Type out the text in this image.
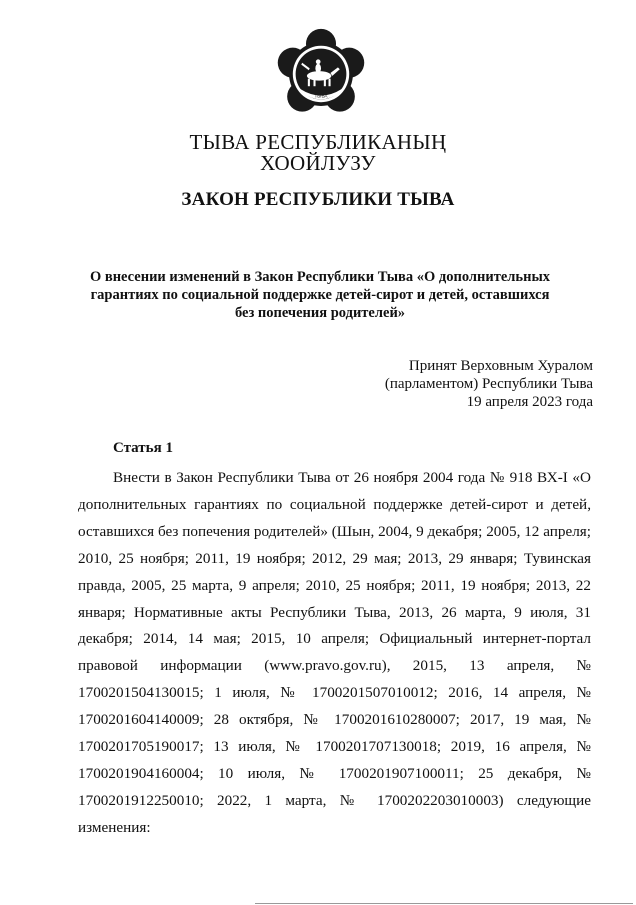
ТЫВА
ТЫВА РЕСПУБЛИКАНЫҢ
ХООЙЛУЗУ
ЗАКОН РЕСПУБЛИКИ ТЫВА
О внесении изменений в Закон Республики Тыва «О дополнительных
гарантиях по социальной поддержке детей-сирот и детей, оставшихся
без попечения родителей»
Принят Верховным Хуралом
(парламентом) Республики Тыва
19 апреля 2023 года
Статья 1
Внести в Закон Республики Тыва от 26 ноября 2004 года № 918 ВХ-I «О
дополнительных гарантиях по социальной поддержке детей-сирот и детей,
оставшихся без попечения родителей» (Шын, 2004, 9 декабря; 2005, 12 апреля;
2010, 25 ноября; 2011, 19 ноября; 2012, 29 мая; 2013, 29 января; Тувинская
правда, 2005, 25 марта, 9 апреля; 2010, 25 ноября; 2011, 19 ноября; 2013, 22
января; Нормативные акты Республики Тыва, 2013, 26 марта, 9 июля, 31
декабря; 2014, 14 мая; 2015, 10 апреля; Официальный интернет-портал
правовой информации (www.pravo.gov.ru), 2015, 13 апреля, №
1700201504130015; 1 июля, № 1700201507010012; 2016, 14 апреля, №
1700201604140009; 28 октября, № 1700201610280007; 2017, 19 мая, №
1700201705190017; 13 июля, № 1700201707130018; 2019, 16 апреля, №
1700201904160004; 10 июля, № 1700201907100011; 25 декабря, №
1700201912250010; 2022, 1 марта, № 1700202203010003) следующие
изменения:
